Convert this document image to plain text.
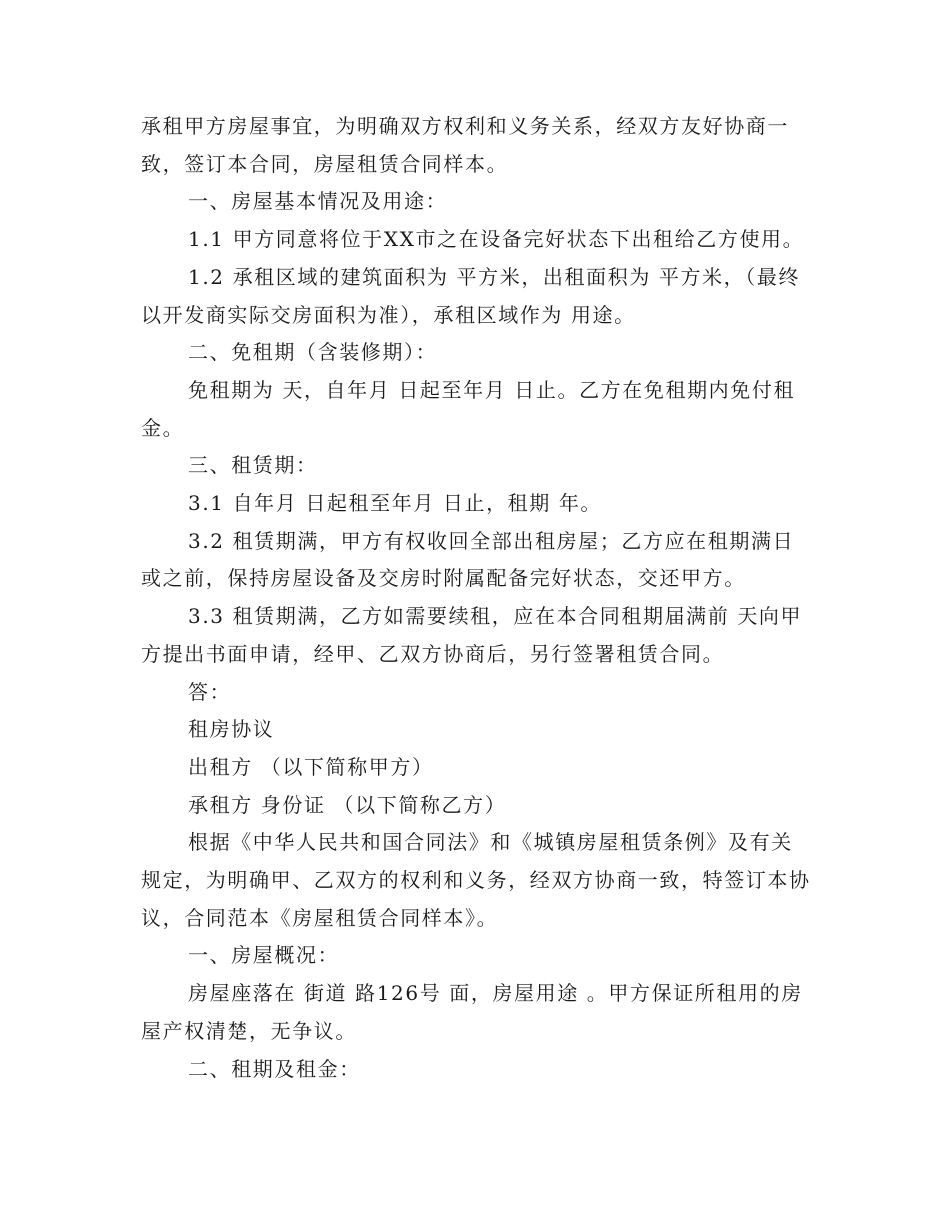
承租甲方房屋事宜，为明确双方权利和义务关系，经双方友好协商一致，签订本合同，房屋租赁合同样本。

一、房屋基本情况及用途：

1.1 甲方同意将位于XX市之在设备完好状态下出租给乙方使用。

1.2 承租区域的建筑面积为 平方米，出租面积为 平方米，（最终以开发商实际交房面积为准），承租区域作为 用途。

二、免租期（含装修期）：

免租期为 天，自年月 日起至年月 日止。乙方在免租期内免付租金。

三、租赁期：

3.1 自年月 日起租至年月 日止，租期 年。

3.2 租赁期满，甲方有权收回全部出租房屋；乙方应在租期满日或之前，保持房屋设备及交房时附属配备完好状态，交还甲方。

3.3 租赁期满，乙方如需要续租，应在本合同租期届满前 天向甲方提出书面申请，经甲、乙双方协商后，另行签署租赁合同。

答：

租房协议

出租方 （以下简称甲方）

承租方 身份证 （以下简称乙方）

根据《中华人民共和国合同法》和《城镇房屋租赁条例》及有关规定，为明确甲、乙双方的权利和义务，经双方协商一致，特签订本协议，合同范本《房屋租赁合同样本》。

一、房屋概况：

房屋座落在 街道 路126号 面，房屋用途 。甲方保证所租用的房屋产权清楚，无争议。

二、租期及租金：
